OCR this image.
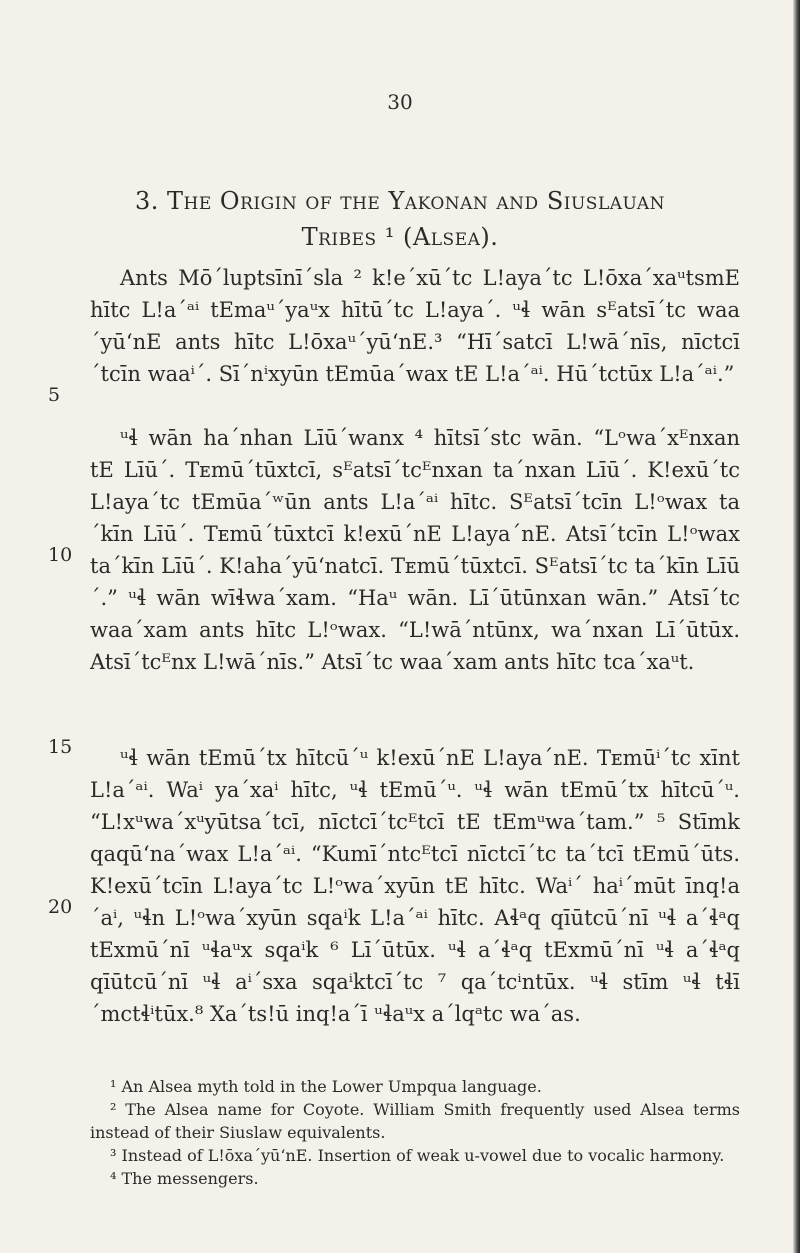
30
3. The Origin of the Yakonan and Siuslauan
Tribes ¹ (Alsea).
5
10
15
20

Ants Mō´luptsīnī´sla ² k!e´xū´tc L!aya´tc L!ōxa´xaᵘtsmE hītc L!a´ᵃⁱ tEmaᵘ´yaᵘx hītū´tc L!aya´. ᵘɬ wān sᴱatsī´tc waa´yūʻnE ants hītc L!ōxaᵘ´yūʻnE.³ “Hī´satcī L!wā´nīs, nīctcī´tcīn waaⁱ´. Sī´nⁱxyūn tEmūa´wax tE L!a´ᵃⁱ. Hū´tctūx L!a´ᵃⁱ.”

ᵘɬ wān ha´nhan Līū´wanx ⁴ hītsī´stc wān. “Lᵒwa´xᴱnxan tE Līū´. Tᴇmū´tūxtcī, sᴱatsī´tcᴱnxan ta´nxan Līū´. K!exū´tc L!aya´tc tEmūa´ʷūn ants L!a´ᵃⁱ hītc. Sᴱatsī´tcīn L!ᵒwax ta´kīn Līū´. Tᴇmū´tūxtcī k!exū´nE L!aya´nE. Atsī´tcīn L!ᵒwax ta´kīn Līū´. K!aha´yūʻnatcī. Tᴇmū´tūxtcī. Sᴱatsī´tc ta´kīn Līū´.” ᵘɬ wān wīɬwa´xam. “Haᵘ wān. Lī´ūtūnxan wān.” Atsī´tc waa´xam ants hītc L!ᵒwax. “L!wā´ntūnx, wa´nxan Lī´ūtūx. Atsī´tcᴱnx L!wā´nīs.” Atsī´tc waa´xam ants hītc tca´xaᵘt.

ᵘɬ wān tEmū´tx hītcū´ᵘ k!exū´nE L!aya´nE. Tᴇmūⁱ´tc xīnt L!a´ᵃⁱ. Waⁱ ya´xaⁱ hītc, ᵘɬ tEmū´ᵘ. ᵘɬ wān tEmū´tx hītcū´ᵘ. “L!xᵘwa´xᵘyūtsa´tcī, nīctcī´tcᴱtcī tE tEmᵘwa´tam.” ⁵ Stīmk qaqūʻna´wax L!a´ᵃⁱ. “Kumī´ntcᴱtcī nīctcī´tc ta´tcī tEmū´ūts. K!exū´tcīn L!aya´tc L!ᵒwa´xyūn tE hītc. Waⁱ´ haⁱ´mūt īnq!a´aⁱ, ᵘɬn L!ᵒwa´xyūn sqaⁱk L!a´ᵃⁱ hītc. Aɬᵃq qīūtcū´nī ᵘɬ a´ɬᵃq tExmū´nī ᵘɬaᵘx sqaⁱk ⁶ Lī´ūtūx. ᵘɬ a´ɬᵃq tExmū´nī ᵘɬ a´ɬᵃq qīūtcū´nī ᵘɬ aⁱ´sxa sqaⁱktcī´tc ⁷ qa´tcⁱntūx. ᵘɬ stīm ᵘɬ tɬī´mctɬⁱtūx.⁸ Xa´ts!ū inq!a´ī ᵘɬaᵘx a´lqᵃtc wa´as.

¹ An Alsea myth told in the Lower Umpqua language.

² The Alsea name for Coyote. William Smith frequently used Alsea terms instead of their Siuslaw equivalents.

³ Instead of L!ōxa´yūʻnE. Insertion of weak u-vowel due to vocalic harmony.

⁴ The messengers.
